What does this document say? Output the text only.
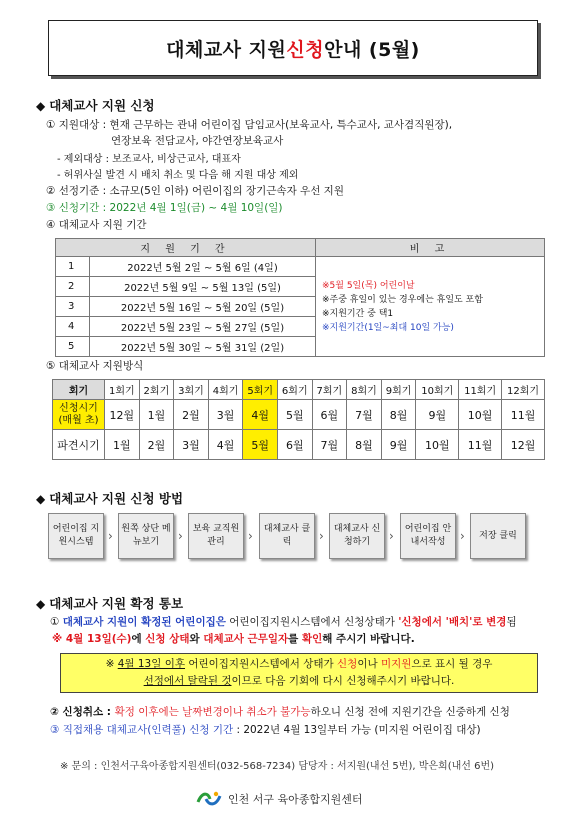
대체교사 지원 신청 안내 (5월)
◆ 대체교사 지원 신청
① 지원대상 : 현재 근무하는 관내 어린이집 담임교사(보육교사, 특수교사, 교사겸직원장),
연장보육 전담교사, 야간연장보육교사
- 제외대상 : 보조교사, 비상근교사, 대표자
- 허위사실 발견 시 배치 취소 및 다음 해 지원 대상 제외
② 선정기준 : 소규모(5인 이하) 어린이집의 장기근속자 우선 지원
③ 신청기간 : 2022년 4월 1일(금) ~ 4월 10일(일)
④ 대체교사 지원 기간
지 원 기 간		비 고
1	2022년 5월 2일 ~ 5월 6일 (4일)	※5월 5일(목) 어린이날
※주중 휴일이 있는 경우에는 휴일도 포함
※지원기간 중 택1
※지원기간(1일~최대 10일 가능)

2	2022년 5월 9일 ~ 5월 13일 (5일)	
3	2022년 5월 16일 ~ 5월 20일 (5일)	
4	2022년 5월 23일 ~ 5월 27일 (5일)	
5	2022년 5월 30일 ~ 5월 31일 (2일)	
⑤ 대체교사 지원방식
회기	1회기	2회기	3회기	4회기	5회기	6회기	7회기	8회기	9회기	10회기	11회기	12회기
신청시기 (매월 초)	12월	1월	2월	3월	4월	5월	6월	7월	8월	9월	10월	11월
파견시기	1월	2월	3월	4월	5월	6월	7월	8월	9월	10월	11월	12월
◆ 대체교사 지원 신청 방법
어린이집 지원시스템	› 원쪽 상단 메뉴보기	›	보육 교직원관리	›	대체교사 클릭	›	대체교사 신청하기	›	어린이집 안내서작성	›	저장 클릭
◆ 대체교사 지원 확정 통보
① 대체교사 지원이 확정된 어린이집은 어린이집지원시스템에서 신청상태가 '신청에서 '배치'로 변경됨
※ 4월 13일(수)에 신청 상태와 대체교사 근무일자를 확인해 주시기 바랍니다.
※ 4월 13일 이후 어린이집지원시스템에서 상태가 신청이나 미지원으로 표시 될 경우
선정에서 탈락된 것이므로 다음 기회에 다시 신청해주시기 바랍니다.
② 신청취소 : 확정 이후에는 날짜변경이나 취소가 불가능하오니 신청 전에 지원기간을 신중하게 신청
③ 직접채용 대체교사(인력풀) 신청 기간 : 2022년 4월 13일부터 가능 (미지원 어린이집 대상)
※ 문의 : 인천서구육아종합지원센터(032-568-7234) 담당자 : 서지원(내선 5번), 박은희(내선 6번)
인천 서구 육아종합지원센터
